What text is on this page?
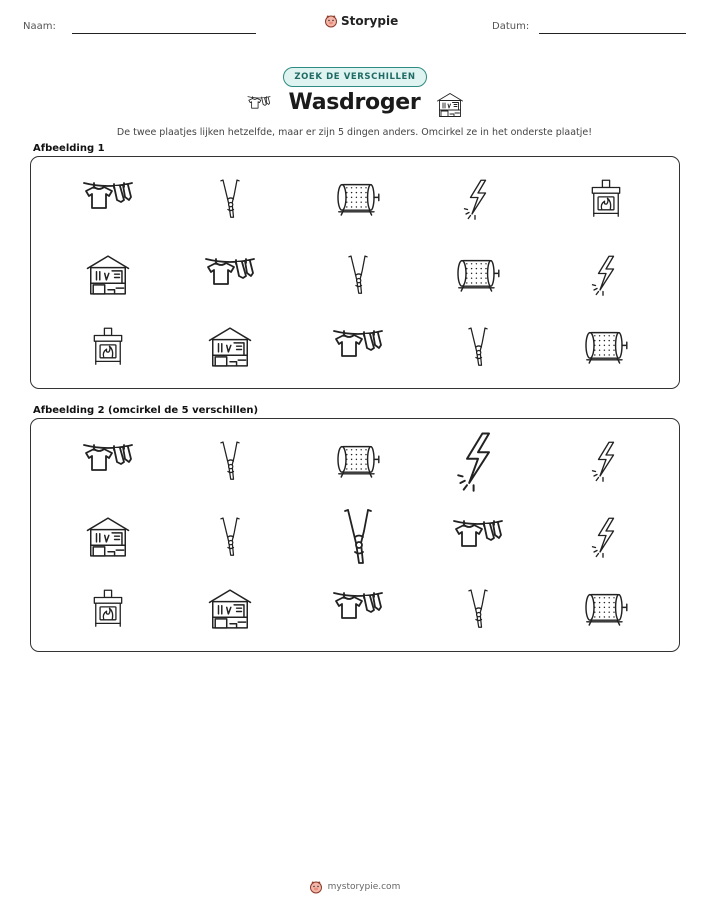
Naam:	Storypie	Datum:
ZOEK DE VERSCHILLEN
Wasdroger
De twee plaatjes lijken hetzelfde, maar er zijn 5 dingen anders. Omcirkel ze in het onderste plaatje!
Afbeelding 1
Afbeelding 2 (omcirkel de 5 verschillen)
mystorypie.com
